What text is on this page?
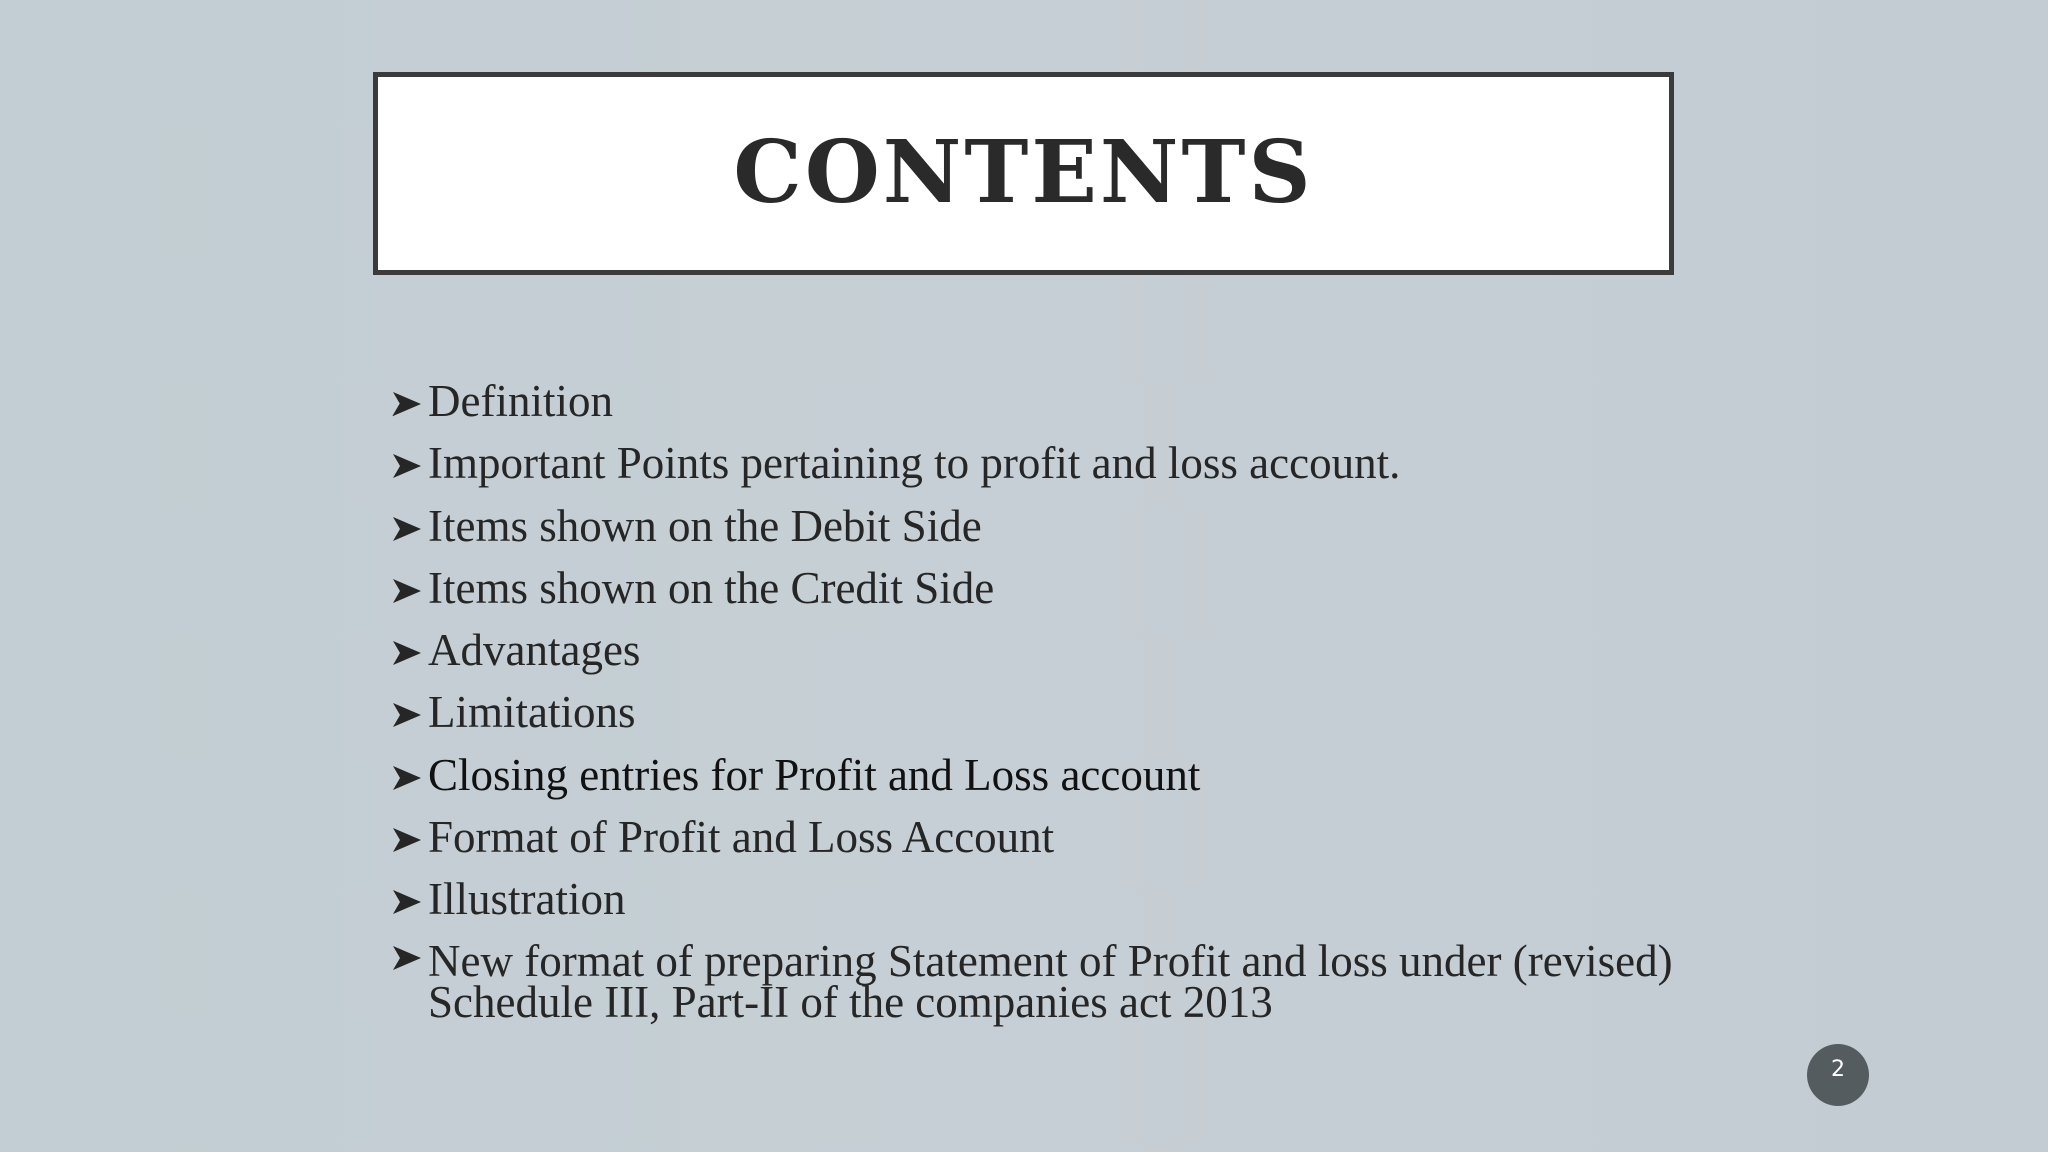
CONTENTS
Definition
Important Points pertaining to profit and loss account.
Items shown on the Debit Side
Items shown on the Credit Side
Advantages
Limitations
Closing entries for Profit and Loss account
Format of Profit and Loss Account
Illustration
New format of preparing Statement of Profit and loss under (revised) Schedule III, Part-II of the companies act 2013
2
